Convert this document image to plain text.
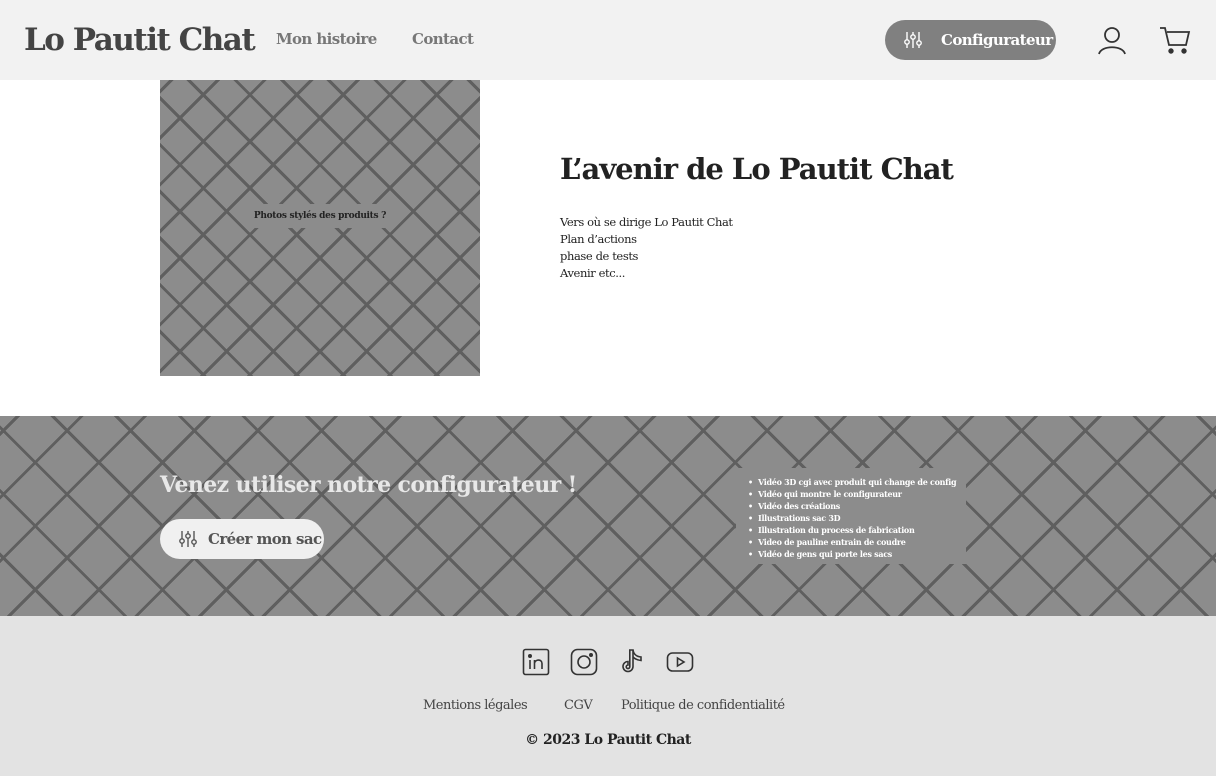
Lo Pautit Chat Mon histoire Contact	Configurateur
Photos stylés des produits ?
L’avenir de Lo Pautit Chat
Vers où se dirige Lo Pautit Chat
Plan d’actions
phase de tests
Avenir etc...
Venez utiliser notre configurateur !
Créer mon sac
• Vidéo 3D cgi avec produit qui change de config
• Vidéo qui montre le configurateur
• Vidéo des créations
• Illustrations sac 3D
• Illustration du process de fabrication
• Video de pauline entrain de coudre
• Vidéo de gens qui porte les sacs
Mentions légales	CGV Politique de confidentialité
© 2023 Lo Pautit Chat
